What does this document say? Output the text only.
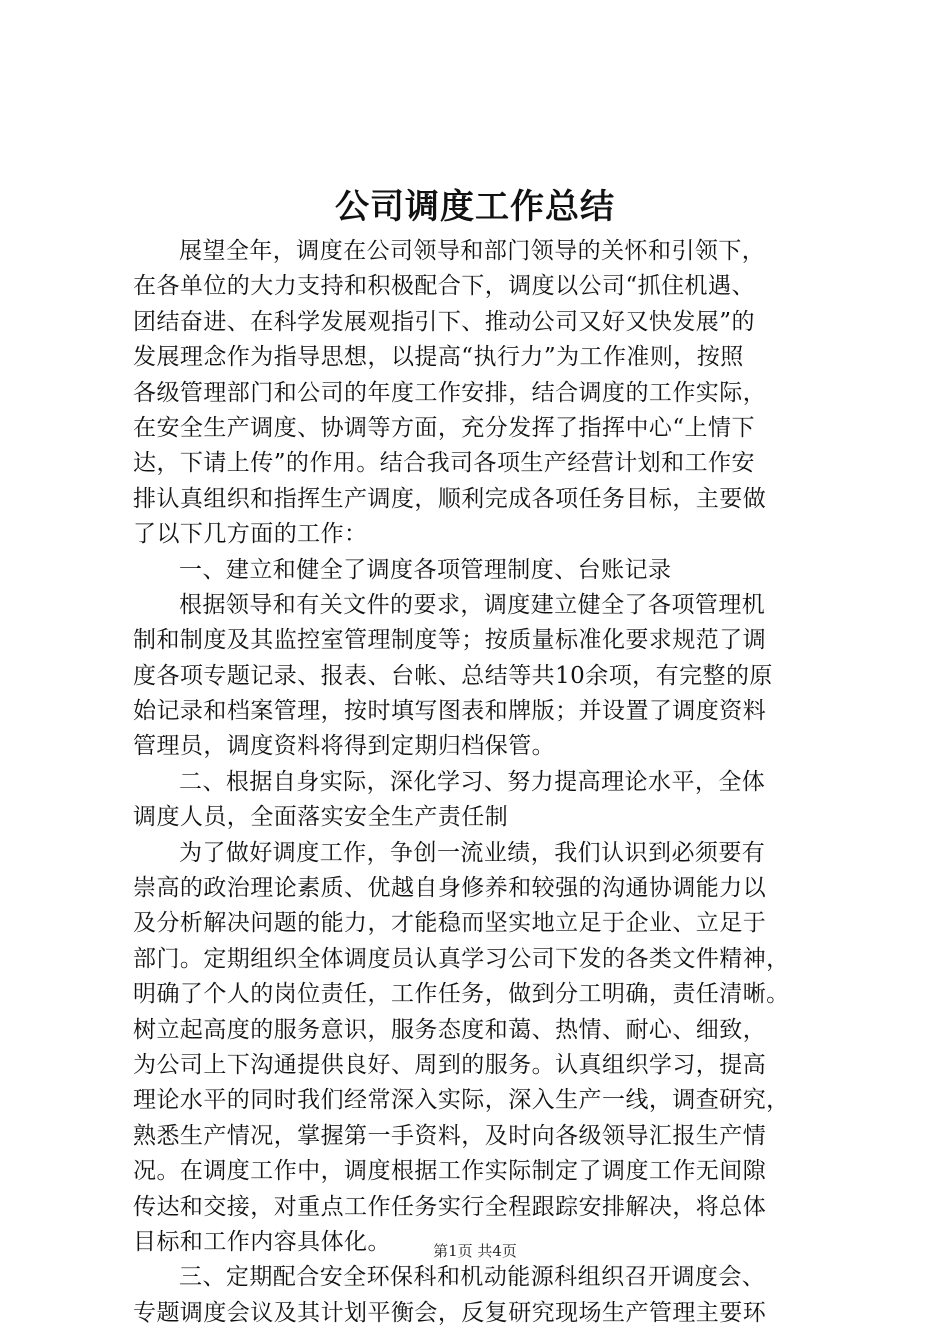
公司调度工作总结
展望全年，调度在公司领导和部门领导的关怀和引领下，
在各单位的大力支持和积极配合下，调度以公司“抓住机遇、
团结奋进、在科学发展观指引下、推动公司又好又快发展”的
发展理念作为指导思想，以提高“执行力”为工作准则，按照
各级管理部门和公司的年度工作安排，结合调度的工作实际，
在安全生产调度、协调等方面，充分发挥了指挥中心“上情下
达，下请上传”的作用。结合我司各项生产经营计划和工作安
排认真组织和指挥生产调度，顺利完成各项任务目标，主要做
了以下几方面的工作：
一、建立和健全了调度各项管理制度、台账记录
根据领导和有关文件的要求，调度建立健全了各项管理机
制和制度及其监控室管理制度等；按质量标准化要求规范了调
度各项专题记录、报表、台帐、总结等共10余项，有完整的原
始记录和档案管理，按时填写图表和牌版；并设置了调度资料
管理员，调度资料将得到定期归档保管。
二、根据自身实际，深化学习、努力提高理论水平，全体
调度人员，全面落实安全生产责任制
为了做好调度工作，争创一流业绩，我们认识到必须要有
崇高的政治理论素质、优越自身修养和较强的沟通协调能力以
及分析解决问题的能力，才能稳而坚实地立足于企业、立足于
部门。定期组织全体调度员认真学习公司下发的各类文件精神，
明确了个人的岗位责任，工作任务，做到分工明确，责任清晰。
树立起高度的服务意识，服务态度和蔼、热情、耐心、细致，
为公司上下沟通提供良好、周到的服务。认真组织学习，提高
理论水平的同时我们经常深入实际，深入生产一线，调查研究，
熟悉生产情况，掌握第一手资料，及时向各级领导汇报生产情
况。在调度工作中，调度根据工作实际制定了调度工作无间隙
传达和交接，对重点工作任务实行全程跟踪安排解决，将总体
目标和工作内容具体化。
三、定期配合安全环保科和机动能源科组织召开调度会、
专题调度会议及其计划平衡会，反复研究现场生产管理主要环
第1页 共4页
